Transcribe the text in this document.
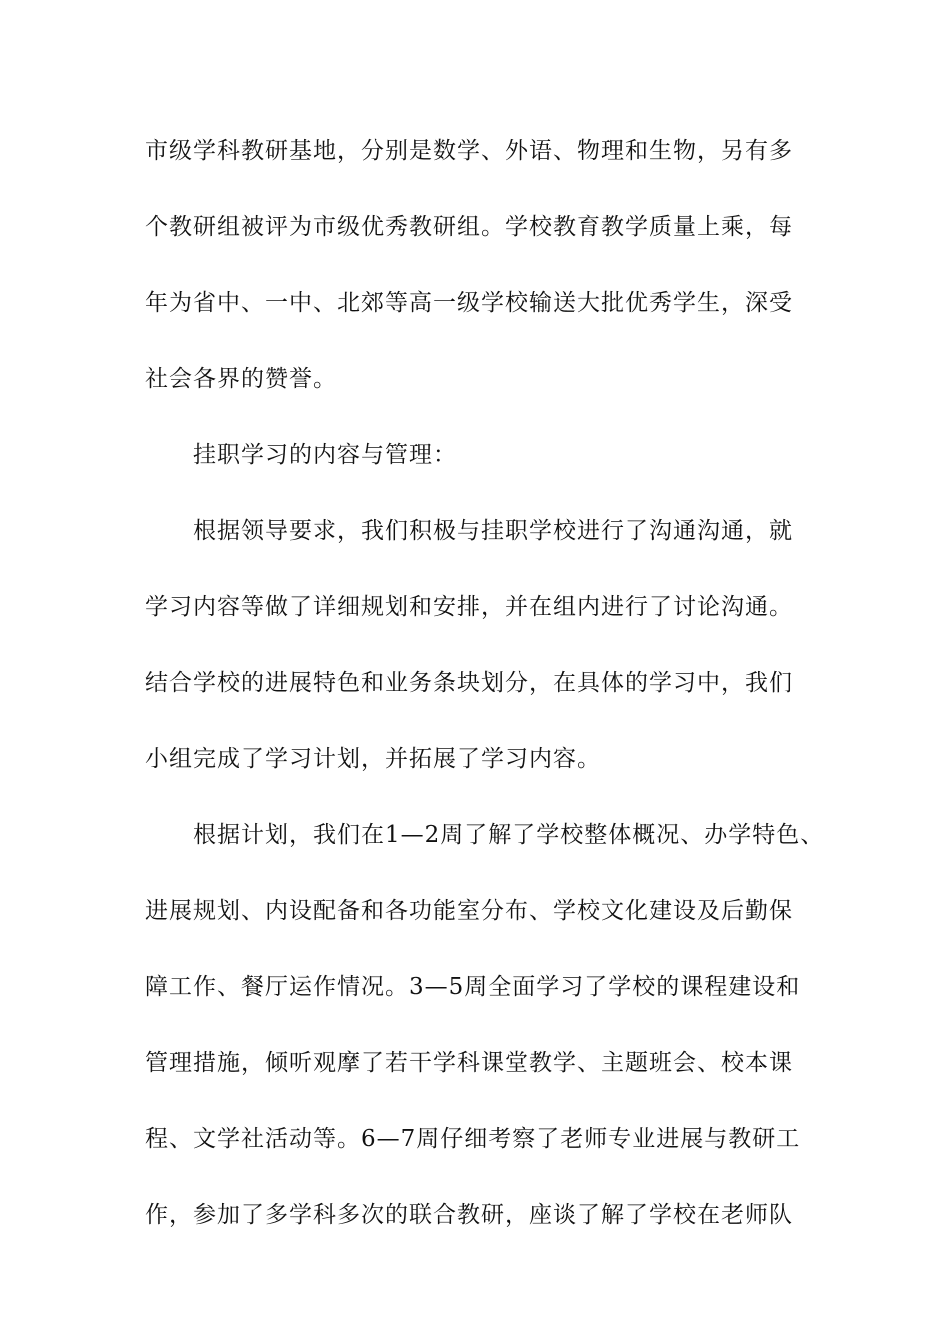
市级学科教研基地，分别是数学、外语、物理和生物，另有多
个教研组被评为市级优秀教研组。学校教育教学质量上乘，每
年为省中、一中、北郊等高一级学校输送大批优秀学生，深受
社会各界的赞誉。
挂职学习的内容与管理：
根据领导要求，我们积极与挂职学校进行了沟通沟通，就
学习内容等做了详细规划和安排，并在组内进行了讨论沟通。
结合学校的进展特色和业务条块划分，在具体的学习中，我们
小组完成了学习计划，并拓展了学习内容。
根据计划，我们在1—2周了解了学校整体概况、办学特色、
进展规划、内设配备和各功能室分布、学校文化建设及后勤保
障工作、餐厅运作情况。3—5周全面学习了学校的课程建设和
管理措施，倾听观摩了若干学科课堂教学、主题班会、校本课
程、文学社活动等。6—7周仔细考察了老师专业进展与教研工
作，参加了多学科多次的联合教研，座谈了解了学校在老师队
